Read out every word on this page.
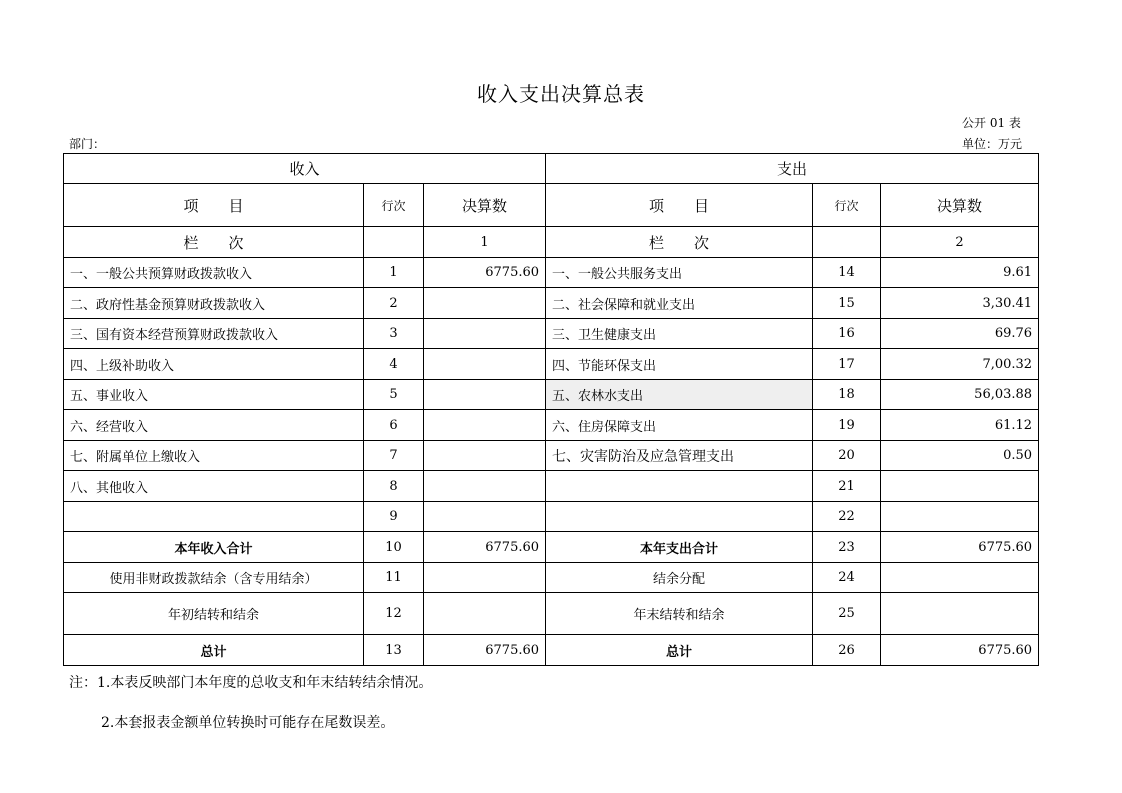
收入支出决算总表
公开 01 表
部门：	单位：万元
收入			支出		
项　　目	行次	决算数	项　　目	行次	决算数
栏　　次		1	栏　　次		2
一、一般公共预算财政拨款收入	1	6775.60	一、一般公共服务支出	14	9.61
二、政府性基金预算财政拨款收入	2		二、社会保障和就业支出	15	3,30.41
三、国有资本经营预算财政拨款收入	3		三、卫生健康支出	16	69.76
四、上级补助收入	4		四、节能环保支出	17	7,00.32
五、事业收入	5		五、农林水支出	18	56,03.88
六、经营收入	6		六、住房保障支出	19	61.12
七、附属单位上缴收入	7		七、灾害防治及应急管理支出	20	0.50
八、其他收入	8			21	
	9			22	
本年收入合计	10	6775.60	本年支出合计	23	6775.60
使用非财政拨款结余（含专用结余）	11		结余分配	24	
年初结转和结余	12		年末结转和结余	25	
总计	13	6775.60	总计	26	6775.60
注：1.本表反映部门本年度的总收支和年末结转结余情况。
2.本套报表金额单位转换时可能存在尾数误差。
